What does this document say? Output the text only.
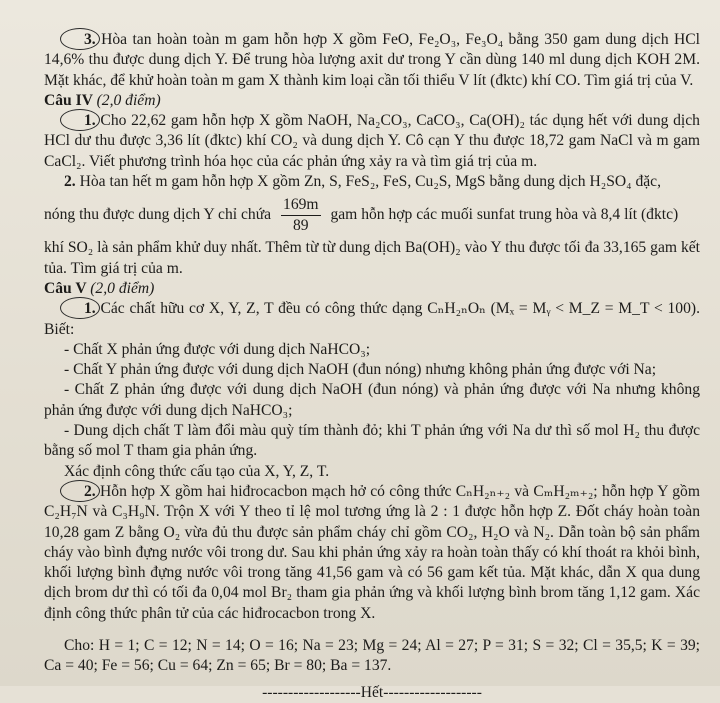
3. Hòa tan hoàn toàn m gam hỗn hợp X gồm FeO, Fe₂O₃, Fe₃O₄ bằng 350 gam dung dịch HCl 14,6% thu được dung dịch Y. Để trung hòa lượng axit dư trong Y cần dùng 140 ml dung dịch KOH 2M. Mặt khác, để khử hoàn toàn m gam X thành kim loại cần tối thiểu V lít (đktc) khí CO. Tìm giá trị của V.

Câu IV (2,0 điểm)

1. Cho 22,62 gam hỗn hợp X gồm NaOH, Na₂CO₃, CaCO₃, Ca(OH)₂ tác dụng hết với dung dịch HCl dư thu được 3,36 lít (đktc) khí CO₂ và dung dịch Y. Cô cạn Y thu được 18,72 gam NaCl và m gam CaCl₂. Viết phương trình hóa học của các phản ứng xảy ra và tìm giá trị của m.

2. Hòa tan hết m gam hỗn hợp X gồm Zn, S, FeS₂, FeS, Cu₂S, MgS bằng dung dịch H₂SO₄ đặc,

nóng thu được dung dịch Y chỉ chứa $\frac{169m}{89}$ gam hỗn hợp các muối sunfat trung hòa và 8,4 lít (đktc)

khí SO₂ là sản phẩm khử duy nhất. Thêm từ từ dung dịch Ba(OH)₂ vào Y thu được tối đa 33,165 gam kết tủa. Tìm giá trị của m.

Câu V (2,0 điểm)

1. Các chất hữu cơ X, Y, Z, T đều có công thức dạng CₙH₂ₙOₙ (Mₓ = Mᵧ < M_Z = M_T < 100). Biết:

- Chất X phản ứng được với dung dịch NaHCO₃;

- Chất Y phản ứng được với dung dịch NaOH (đun nóng) nhưng không phản ứng được với Na;

- Chất Z phản ứng được với dung dịch NaOH (đun nóng) và phản ứng được với Na nhưng không phản ứng được với dung dịch NaHCO₃;

- Dung dịch chất T làm đổi màu quỳ tím thành đỏ; khi T phản ứng với Na dư thì số mol H₂ thu được bằng số mol T tham gia phản ứng.

Xác định công thức cấu tạo của X, Y, Z, T.

2. Hỗn hợp X gồm hai hiđrocacbon mạch hở có công thức CₙH₂ₙ₊₂ và CₘH₂ₘ₊₂; hỗn hợp Y gồm C₂H₇N và C₃H₉N. Trộn X với Y theo tỉ lệ mol tương ứng là 2 : 1 được hỗn hợp Z. Đốt cháy hoàn toàn 10,28 gam Z bằng O₂ vừa đủ thu được sản phẩm cháy chỉ gồm CO₂, H₂O và N₂. Dẫn toàn bộ sản phẩm cháy vào bình đựng nước vôi trong dư. Sau khi phản ứng xảy ra hoàn toàn thấy có khí thoát ra khỏi bình, khối lượng bình đựng nước vôi trong tăng 41,56 gam và có 56 gam kết tủa. Mặt khác, dẫn X qua dung dịch brom dư thì có tối đa 0,04 mol Br₂ tham gia phản ứng và khối lượng bình brom tăng 1,12 gam. Xác định công thức phân tử của các hiđrocacbon trong X.

Cho: H = 1; C = 12; N = 14; O = 16; Na = 23; Mg = 24; Al = 27; P = 31; S = 32; Cl = 35,5; K = 39; Ca = 40; Fe = 56; Cu = 64; Zn = 65; Br = 80; Ba = 137.

-------------------Hết-------------------
